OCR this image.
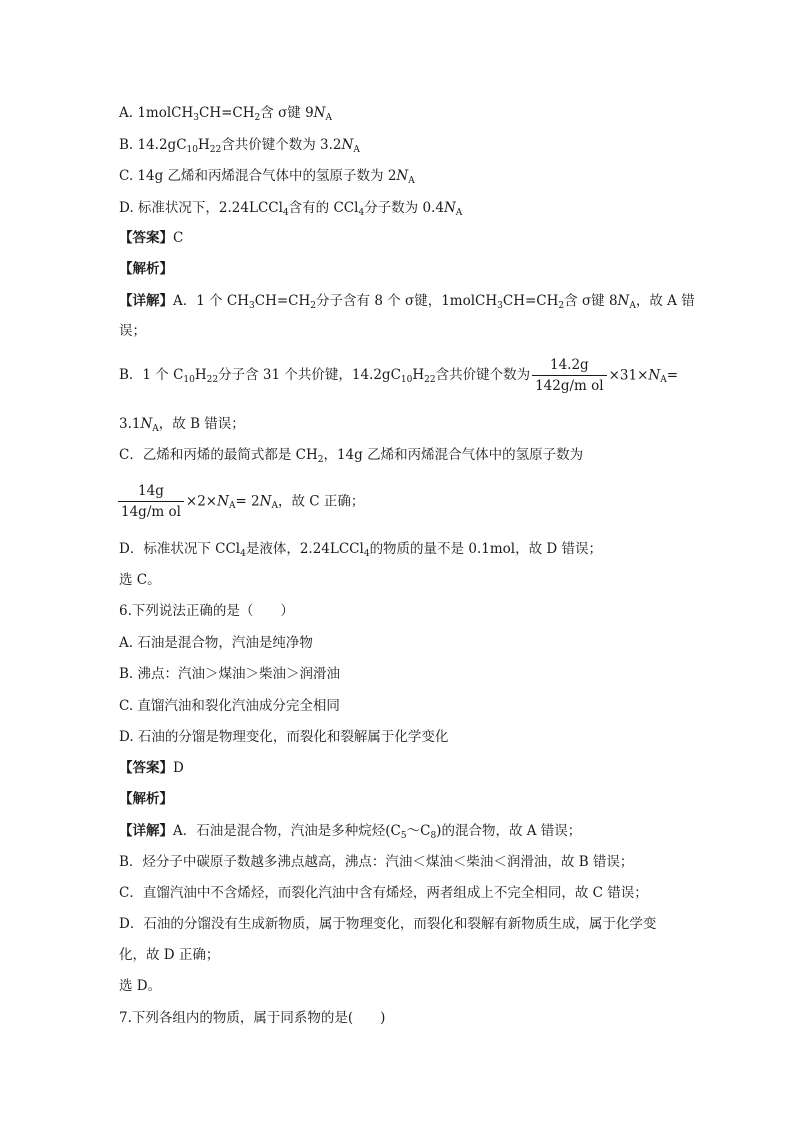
A. $1molCH_3CH=CH_2$含 σ键 $9N_A$
B. $14.2gC_{10}H_{22}$含共价键个数为 $3.2N_A$
C. 14g 乙烯和丙烯混合气体中的氢原子数为 $2N_A$
D. 标准状况下，2.24LCCl$_4$含有的 CCl$_4$分子数为 $0.4N_A$
【答案】C
【解析】
【详解】A．1 个 $CH_3CH=CH_2$分子含有 8 个 σ键，$1molCH_3CH=CH_2$含 σ键 $8N_A$，故 A 错
误；
B．1 个 $C_{10}H_{22}$分子含 31 个共价键，$14.2gC_{10}H_{22}$含共价键个数为 $\frac{14.2g}{\text{142g/m ol}} \times 31\times N_A=$
$3.1N_A$，故 B 错误；
C．乙烯和丙烯的最简式都是 $CH_2$，14g 乙烯和丙烯混合气体中的氢原子数为
$\frac{14g}{\text{14g/m ol}} \times 2\times N_A= 2N_A$，故 C 正确；
D．标准状况下 CCl$_4$是液体，2.24LCCl$_4$的物质的量不是 0.1mol，故 D 错误；
选 C。
6.下列说法正确的是（　　）
A. 石油是混合物，汽油是纯净物
B. 沸点：汽油＞煤油＞柴油＞润滑油
C. 直馏汽油和裂化汽油成分完全相同
D. 石油的分馏是物理变化，而裂化和裂解属于化学变化
【答案】D
【解析】
【详解】A．石油是混合物，汽油是多种烷烃$(C_5\sim C_8)$的混合物，故 A 错误；
B．烃分子中碳原子数越多沸点越高，沸点：汽油＜煤油＜柴油＜润滑油，故 B 错误；
C．直馏汽油中不含烯烃，而裂化汽油中含有烯烃，两者组成上不完全相同，故 C 错误；
D．石油的分馏没有生成新物质，属于物理变化，而裂化和裂解有新物质生成，属于化学变
化，故 D 正确；
选 D。
7.下列各组内的物质，属于同系物的是(　　)
